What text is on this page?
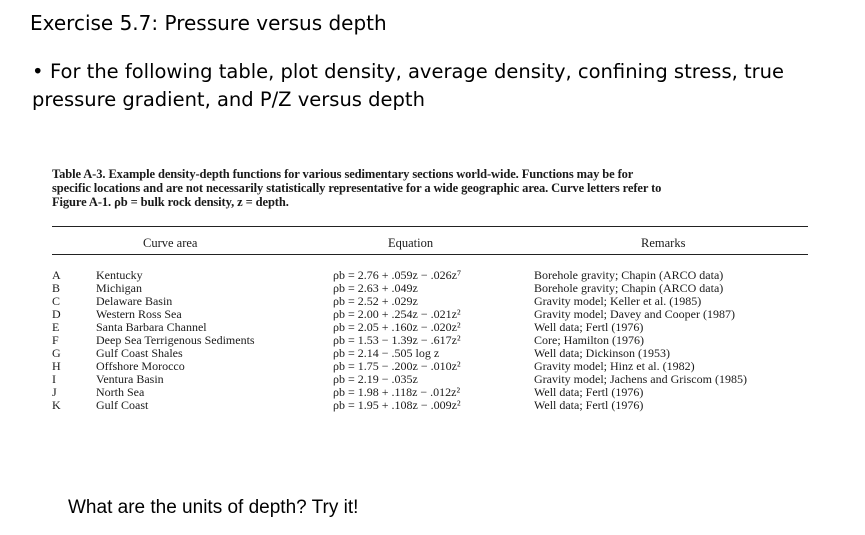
Exercise 5.7: Pressure versus depth
• For the following table, plot density, average density, confining stress, true
pressure gradient, and P/Z versus depth
Table A-3. Example density-depth functions for various sedimentary sections world-wide. Functions may be for
specific locations and are not necessarily statistically representative for a wide geographic area. Curve letters refer to
Figure A-1. ρb = bulk rock density, z = depth.
Curve area	Equation	Remarks
A	Kentucky	ρb = 2.76 + .059z − .026z⁷	Borehole gravity; Chapin (ARCO data)
B	Michigan	ρb = 2.63 + .049z	Borehole gravity; Chapin (ARCO data)
C	Delaware Basin	ρb = 2.52 + .029z	Gravity model; Keller et al. (1985)
D	Western Ross Sea	ρb = 2.00 + .254z − .021z²	Gravity model; Davey and Cooper (1987)
E	Santa Barbara Channel	ρb = 2.05 + .160z − .020z²	Well data; Fertl (1976)
F	Deep Sea Terrigenous Sediments	ρb = 1.53 − 1.39z − .617z²	Core; Hamilton (1976)
G	Gulf Coast Shales	ρb = 2.14 − .505 log z	Well data; Dickinson (1953)
H	Offshore Morocco	ρb = 1.75 − .200z − .010z²	Gravity model; Hinz et al. (1982)
I	Ventura Basin	ρb = 2.19 − .035z	Gravity model; Jachens and Griscom (1985)
J	North Sea	ρb = 1.98 + .118z − .012z²	Well data; Fertl (1976)
K	Gulf Coast	ρb = 1.95 + .108z − .009z²	Well data; Fertl (1976)
What are the units of depth? Try it!
